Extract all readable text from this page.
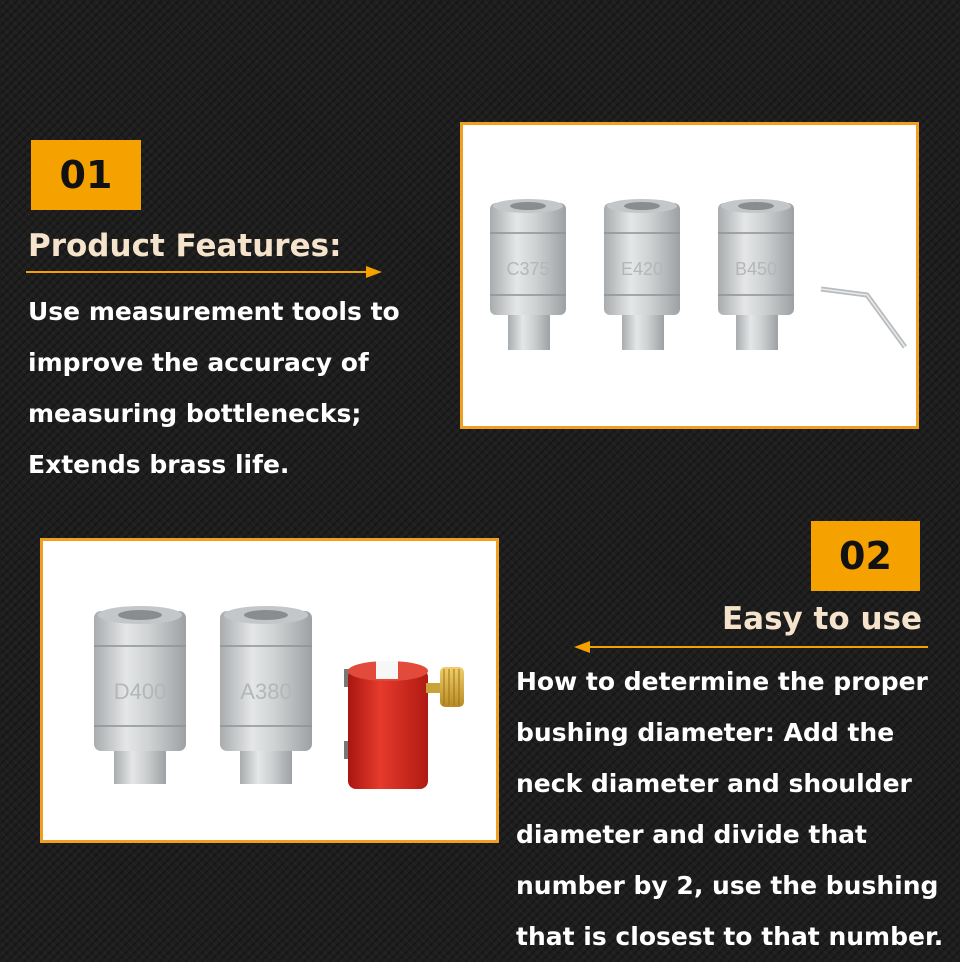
01
Product Features:
Use measurement tools to
improve the accuracy of
measuring bottlenecks;
Extends brass life.
C375	E420	B450
02
Easy to use
How to determine the proper
bushing diameter: Add the
neck diameter and shoulder
diameter and divide that
number by 2, use the bushing
that is closest to that number.
D400	A380
